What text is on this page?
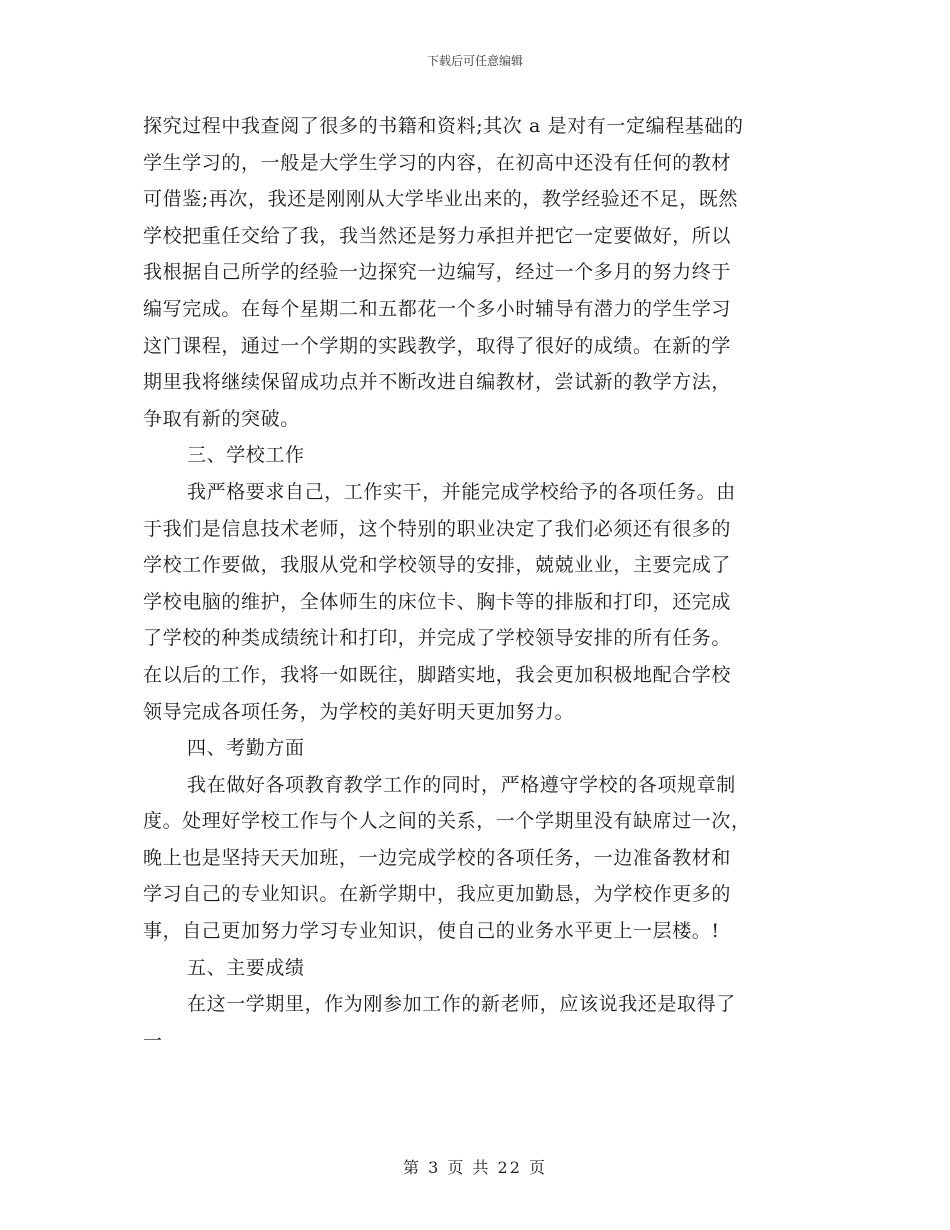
下载后可任意编辑
探究过程中我查阅了很多的书籍和资料;其次 a 是对有一定编程基础的
学生学习的，一般是大学生学习的内容，在初高中还没有任何的教材
可借鉴;再次，我还是刚刚从大学毕业出来的，教学经验还不足，既然
学校把重任交给了我，我当然还是努力承担并把它一定要做好，所以
我根据自己所学的经验一边探究一边编写，经过一个多月的努力终于
编写完成。在每个星期二和五都花一个多小时辅导有潜力的学生学习
这门课程，通过一个学期的实践教学，取得了很好的成绩。在新的学
期里我将继续保留成功点并不断改进自编教材，尝试新的教学方法，
争取有新的突破。
三、学校工作
我严格要求自己，工作实干，并能完成学校给予的各项任务。由
于我们是信息技术老师，这个特别的职业决定了我们必须还有很多的
学校工作要做，我服从党和学校领导的安排，兢兢业业，主要完成了
学校电脑的维护，全体师生的床位卡、胸卡等的排版和打印，还完成
了学校的种类成绩统计和打印，并完成了学校领导安排的所有任务。
在以后的工作，我将一如既往，脚踏实地，我会更加积极地配合学校
领导完成各项任务，为学校的美好明天更加努力。
四、考勤方面
我在做好各项教育教学工作的同时，严格遵守学校的各项规章制
度。处理好学校工作与个人之间的关系，一个学期里没有缺席过一次，
晚上也是坚持天天加班，一边完成学校的各项任务，一边准备教材和
学习自己的专业知识。在新学期中，我应更加勤恳，为学校作更多的
事，自己更加努力学习专业知识，使自己的业务水平更上一层楼。!
五、主要成绩
在这一学期里，作为刚参加工作的新老师，应该说我还是取得了
一
第 3 页 共 22 页
